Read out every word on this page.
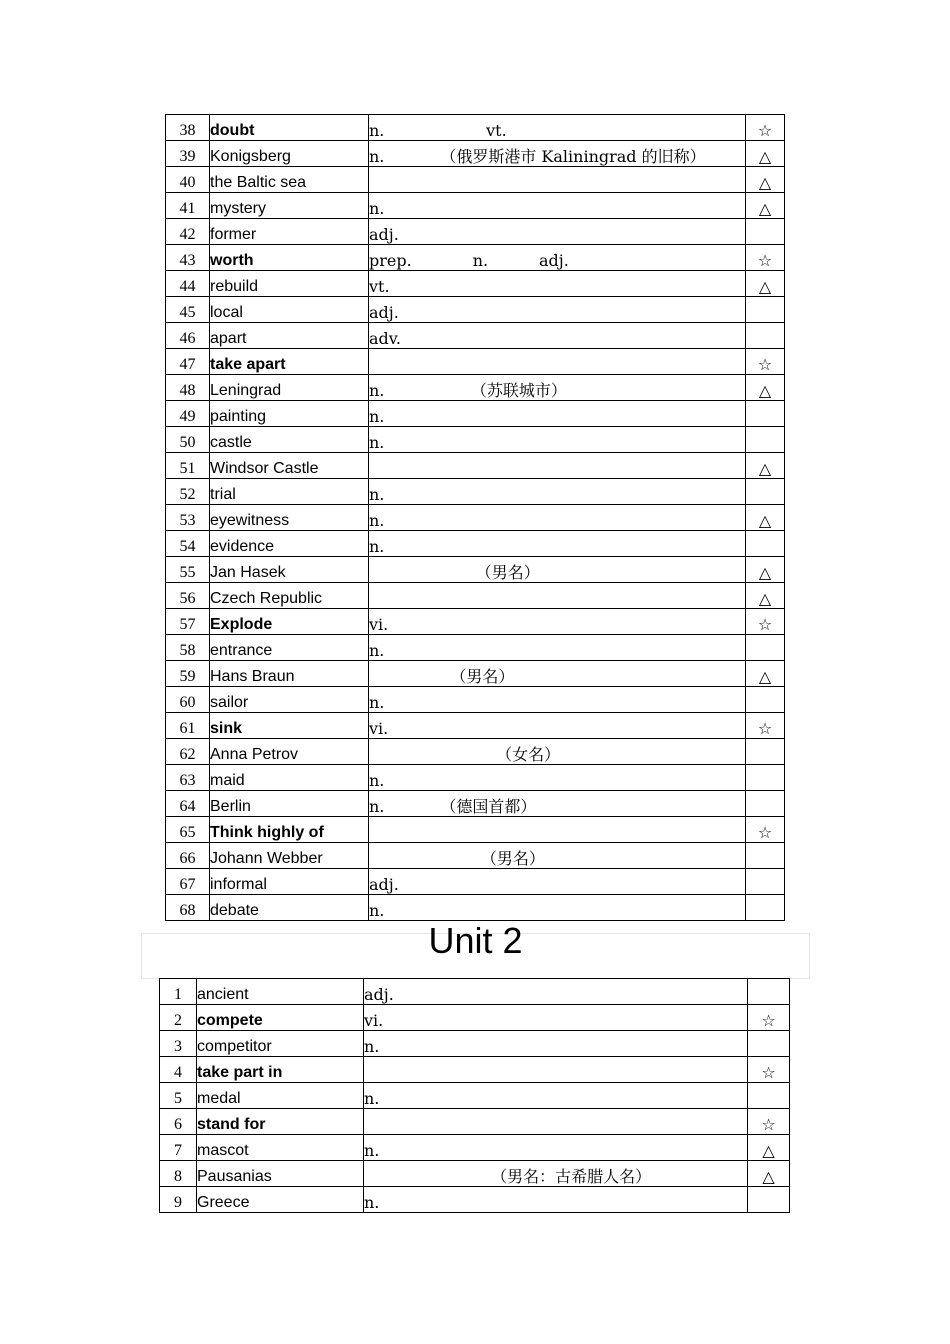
38	doubt	n.                    vt.	☆
39	Konigsberg	n.           （俄罗斯港市 Kaliningrad 的旧称）	△
40	the Baltic sea		△
41	mystery	n.	△
42	former	adj.	
43	worth	prep.            n.          adj.	☆
44	rebuild	vt.	△
45	local	adj.	
46	apart	adv.	
47	take apart		☆
48	Leningrad	n.                 （苏联城市）	△
49	painting	n.	
50	castle	n.	
51	Windsor Castle		△
52	trial	n.	
53	eyewitness	n.	△
54	evidence	n.	
55	Jan Hasek	（男名）	△
56	Czech Republic		△
57	Explode	vi.	☆
58	entrance	n.	
59	Hans Braun	（男名）	△
60	sailor	n.	
61	sink	vi.	☆
62	Anna Petrov	（女名）	
63	maid	n.	
64	Berlin	n.           （德国首都）	
65	Think highly of		☆
66	Johann Webber	（男名）	
67	informal	adj.	
68	debate	n.	
Unit 2
1	ancient	adj.	
2	compete	vi.	☆
3	competitor	n.	
4	take part in		☆
5	medal	n.	
6	stand for		☆
7	mascot	n.	△
8	Pausanias	（男名：古希腊人名）	△
9	Greece	n.	
